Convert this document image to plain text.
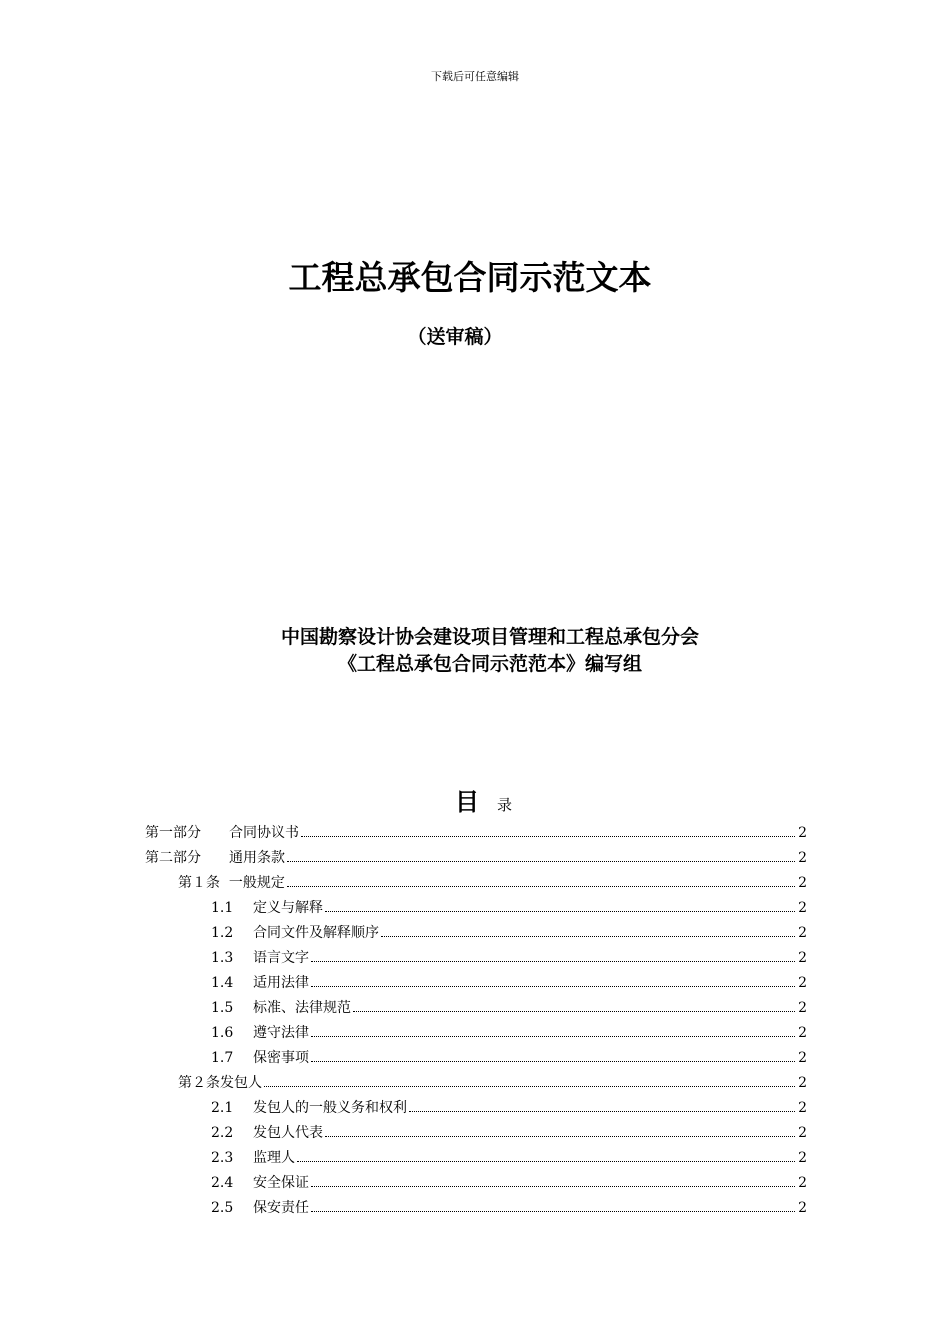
下载后可任意编辑
工程总承包合同示范文本
（送审稿）
中国勘察设计协会建设项目管理和工程总承包分会
《工程总承包合同示范范本》编写组
目 录
第一部分	合同协议书	2
第二部分	通用条款	2
第１条 一般规定	2
1.1	定义与解释	2
1.2	合同文件及解释顺序	2
1.3	语言文字	2
1.4	适用法律	2
1.5	标准、法律规范	2
1.6	遵守法律	2
1.7	保密事项	2
第２条 发包人	2
2.1	发包人的一般义务和权利	2
2.2	发包人代表	2
2.3	监理人	2
2.4	安全保证	2
2.5	保安责任	2
